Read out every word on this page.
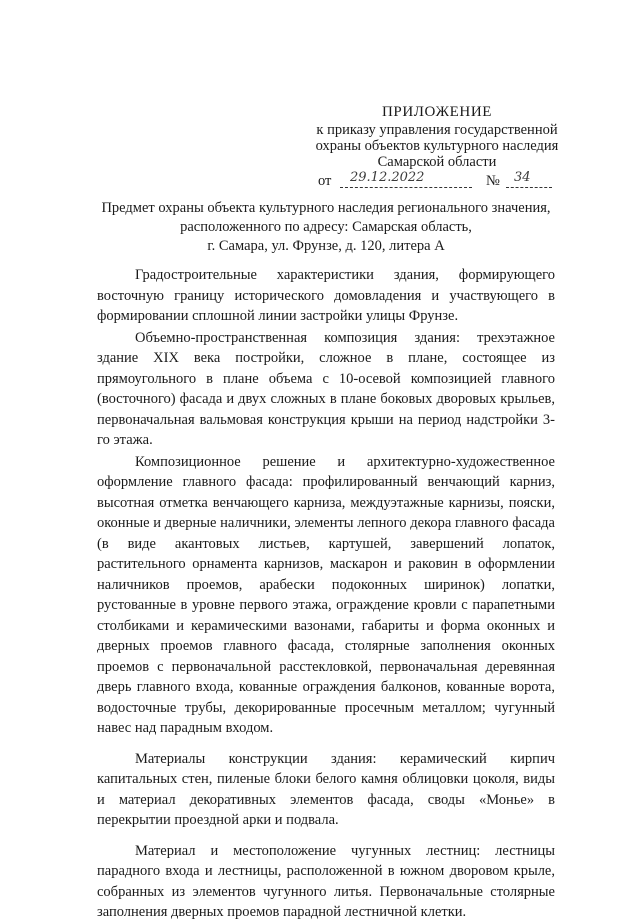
ПРИЛОЖЕНИЕ
к приказу управления государственной
охраны объектов культурного наследия
Самарской области
от	29.12.2022	№	34
Предмет охраны объекта культурного наследия регионального значения,
расположенного по адресу: Самарская область,
г. Самара, ул. Фрунзе, д. 120, литера А

Градостроительные характеристики здания, формирующего восточную границу исторического домовладения и участвующего в формировании сплошной линии застройки улицы Фрунзе.

Объемно-пространственная композиция здания: трехэтажное здание XIX века постройки, сложное в плане, состоящее из прямоугольного в плане объема с 10-осевой композицией главного (восточного) фасада и двух сложных в плане боковых дворовых крыльев, первоначальная вальмовая конструкция крыши на период надстройки 3-го этажа.

Композиционное решение и архитектурно-художественное оформление главного фасада: профилированный венчающий карниз, высотная отметка венчающего карниза, междуэтажные карнизы, пояски, оконные и дверные наличники, элементы лепного декора главного фасада (в виде акантовых листьев, картушей, завершений лопаток, растительного орнамента карнизов, маскарон и раковин в оформлении наличников проемов, арабески подоконных ширинок) лопатки, рустованные в уровне первого этажа, ограждение кровли с парапетными столбиками и керамическими вазонами, габариты и форма оконных и дверных проемов главного фасада, столярные заполнения оконных проемов с первоначальной расстекловкой, первоначальная деревянная дверь главного входа, кованные ограждения балконов, кованные ворота, водосточные трубы, декорированные просечным металлом; чугунный навес над парадным входом.

Материалы конструкции здания: керамический кирпич капитальных стен, пиленые блоки белого камня облицовки цоколя, виды и материал декоративных элементов фасада, своды «Монье» в перекрытии проездной арки и подвала.

Материал и местоположение чугунных лестниц: лестницы парадного входа и лестницы, расположенной в южном дворовом крыле, собранных из элементов чугунного литья. Первоначальные столярные заполнения дверных проемов парадной лестничной клетки.
